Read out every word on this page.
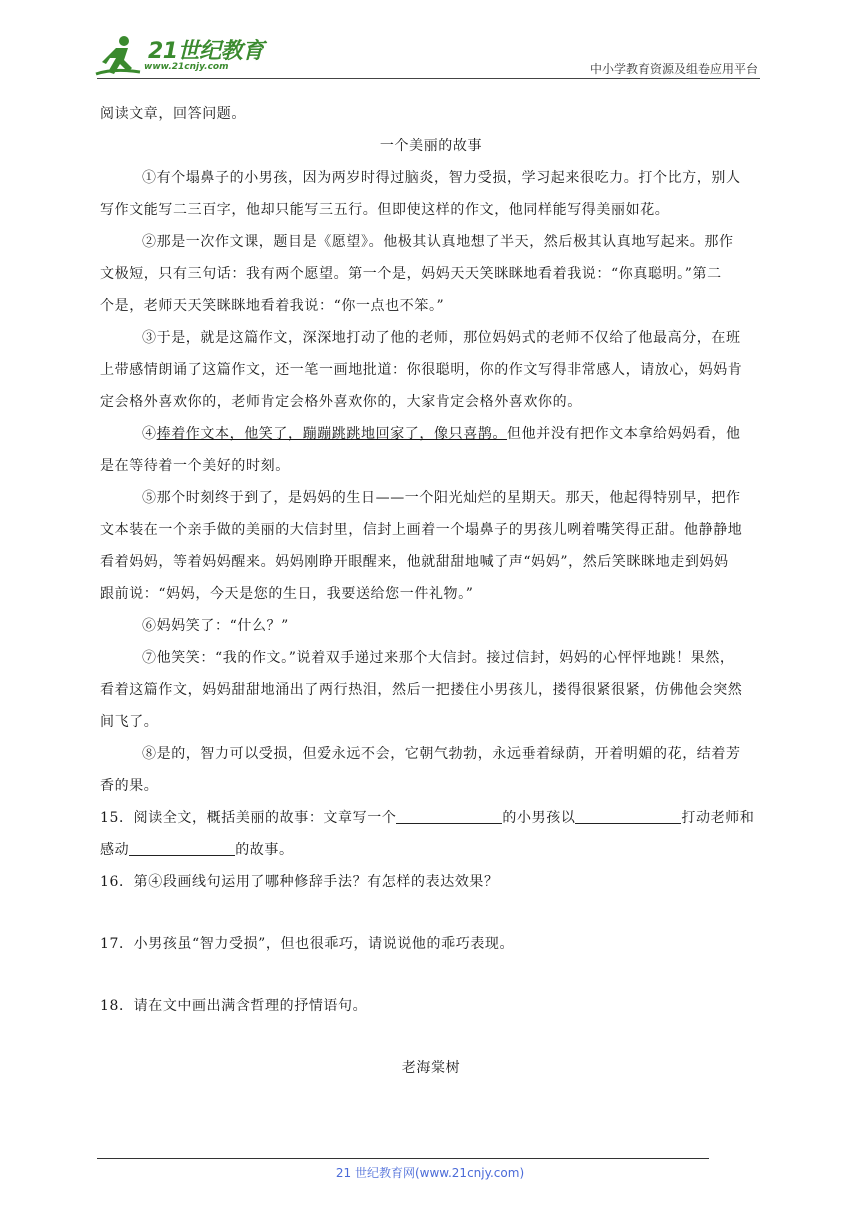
21世纪教育
www.21cnjy.com	中小学教育资源及组卷应用平台
阅读文章，回答问题。
一个美丽的故事
①有个塌鼻子的小男孩，因为两岁时得过脑炎，智力受损，学习起来很吃力。打个比方，别人
写作文能写二三百字，他却只能写三五行。但即使这样的作文，他同样能写得美丽如花。
②那是一次作文课，题目是《愿望》。他极其认真地想了半天，然后极其认真地写起来。那作
文极短，只有三句话：我有两个愿望。第一个是，妈妈天天笑眯眯地看着我说：“你真聪明。”第二
个是，老师天天笑眯眯地看着我说：“你一点也不笨。”
③于是，就是这篇作文，深深地打动了他的老师，那位妈妈式的老师不仅给了他最高分，在班
上带感情朗诵了这篇作文，还一笔一画地批道：你很聪明，你的作文写得非常感人，请放心，妈妈肯
定会格外喜欢你的，老师肯定会格外喜欢你的，大家肯定会格外喜欢你的。
④捧着作文本，他笑了，蹦蹦跳跳地回家了，像只喜鹊。但他并没有把作文本拿给妈妈看，他
是在等待着一个美好的时刻。
⑤那个时刻终于到了，是妈妈的生日——一个阳光灿烂的星期天。那天，他起得特别早，把作
文本装在一个亲手做的美丽的大信封里，信封上画着一个塌鼻子的男孩儿咧着嘴笑得正甜。他静静地
看着妈妈，等着妈妈醒来。妈妈刚睁开眼醒来，他就甜甜地喊了声“妈妈”，然后笑眯眯地走到妈妈
跟前说：“妈妈，今天是您的生日，我要送给您一件礼物。”
⑥妈妈笑了：“什么？”
⑦他笑笑：“我的作文。”说着双手递过来那个大信封。接过信封，妈妈的心怦怦地跳！果然，
看着这篇作文，妈妈甜甜地涌出了两行热泪，然后一把搂住小男孩儿，搂得很紧很紧，仿佛他会突然
间飞了。
⑧是的，智力可以受损，但爱永远不会，它朝气勃勃，永远垂着绿荫，开着明媚的花，结着芳
香的果。
15．阅读全文，概括美丽的故事：文章写一个	的小男孩以	打动老师和
感动	的故事。
16．第④段画线句运用了哪种修辞手法？有怎样的表达效果？
17．小男孩虽“智力受损”，但也很乖巧，请说说他的乖巧表现。
18．请在文中画出满含哲理的抒情语句。
老海棠树
21 世纪教育网(www.21cnjy.com)
